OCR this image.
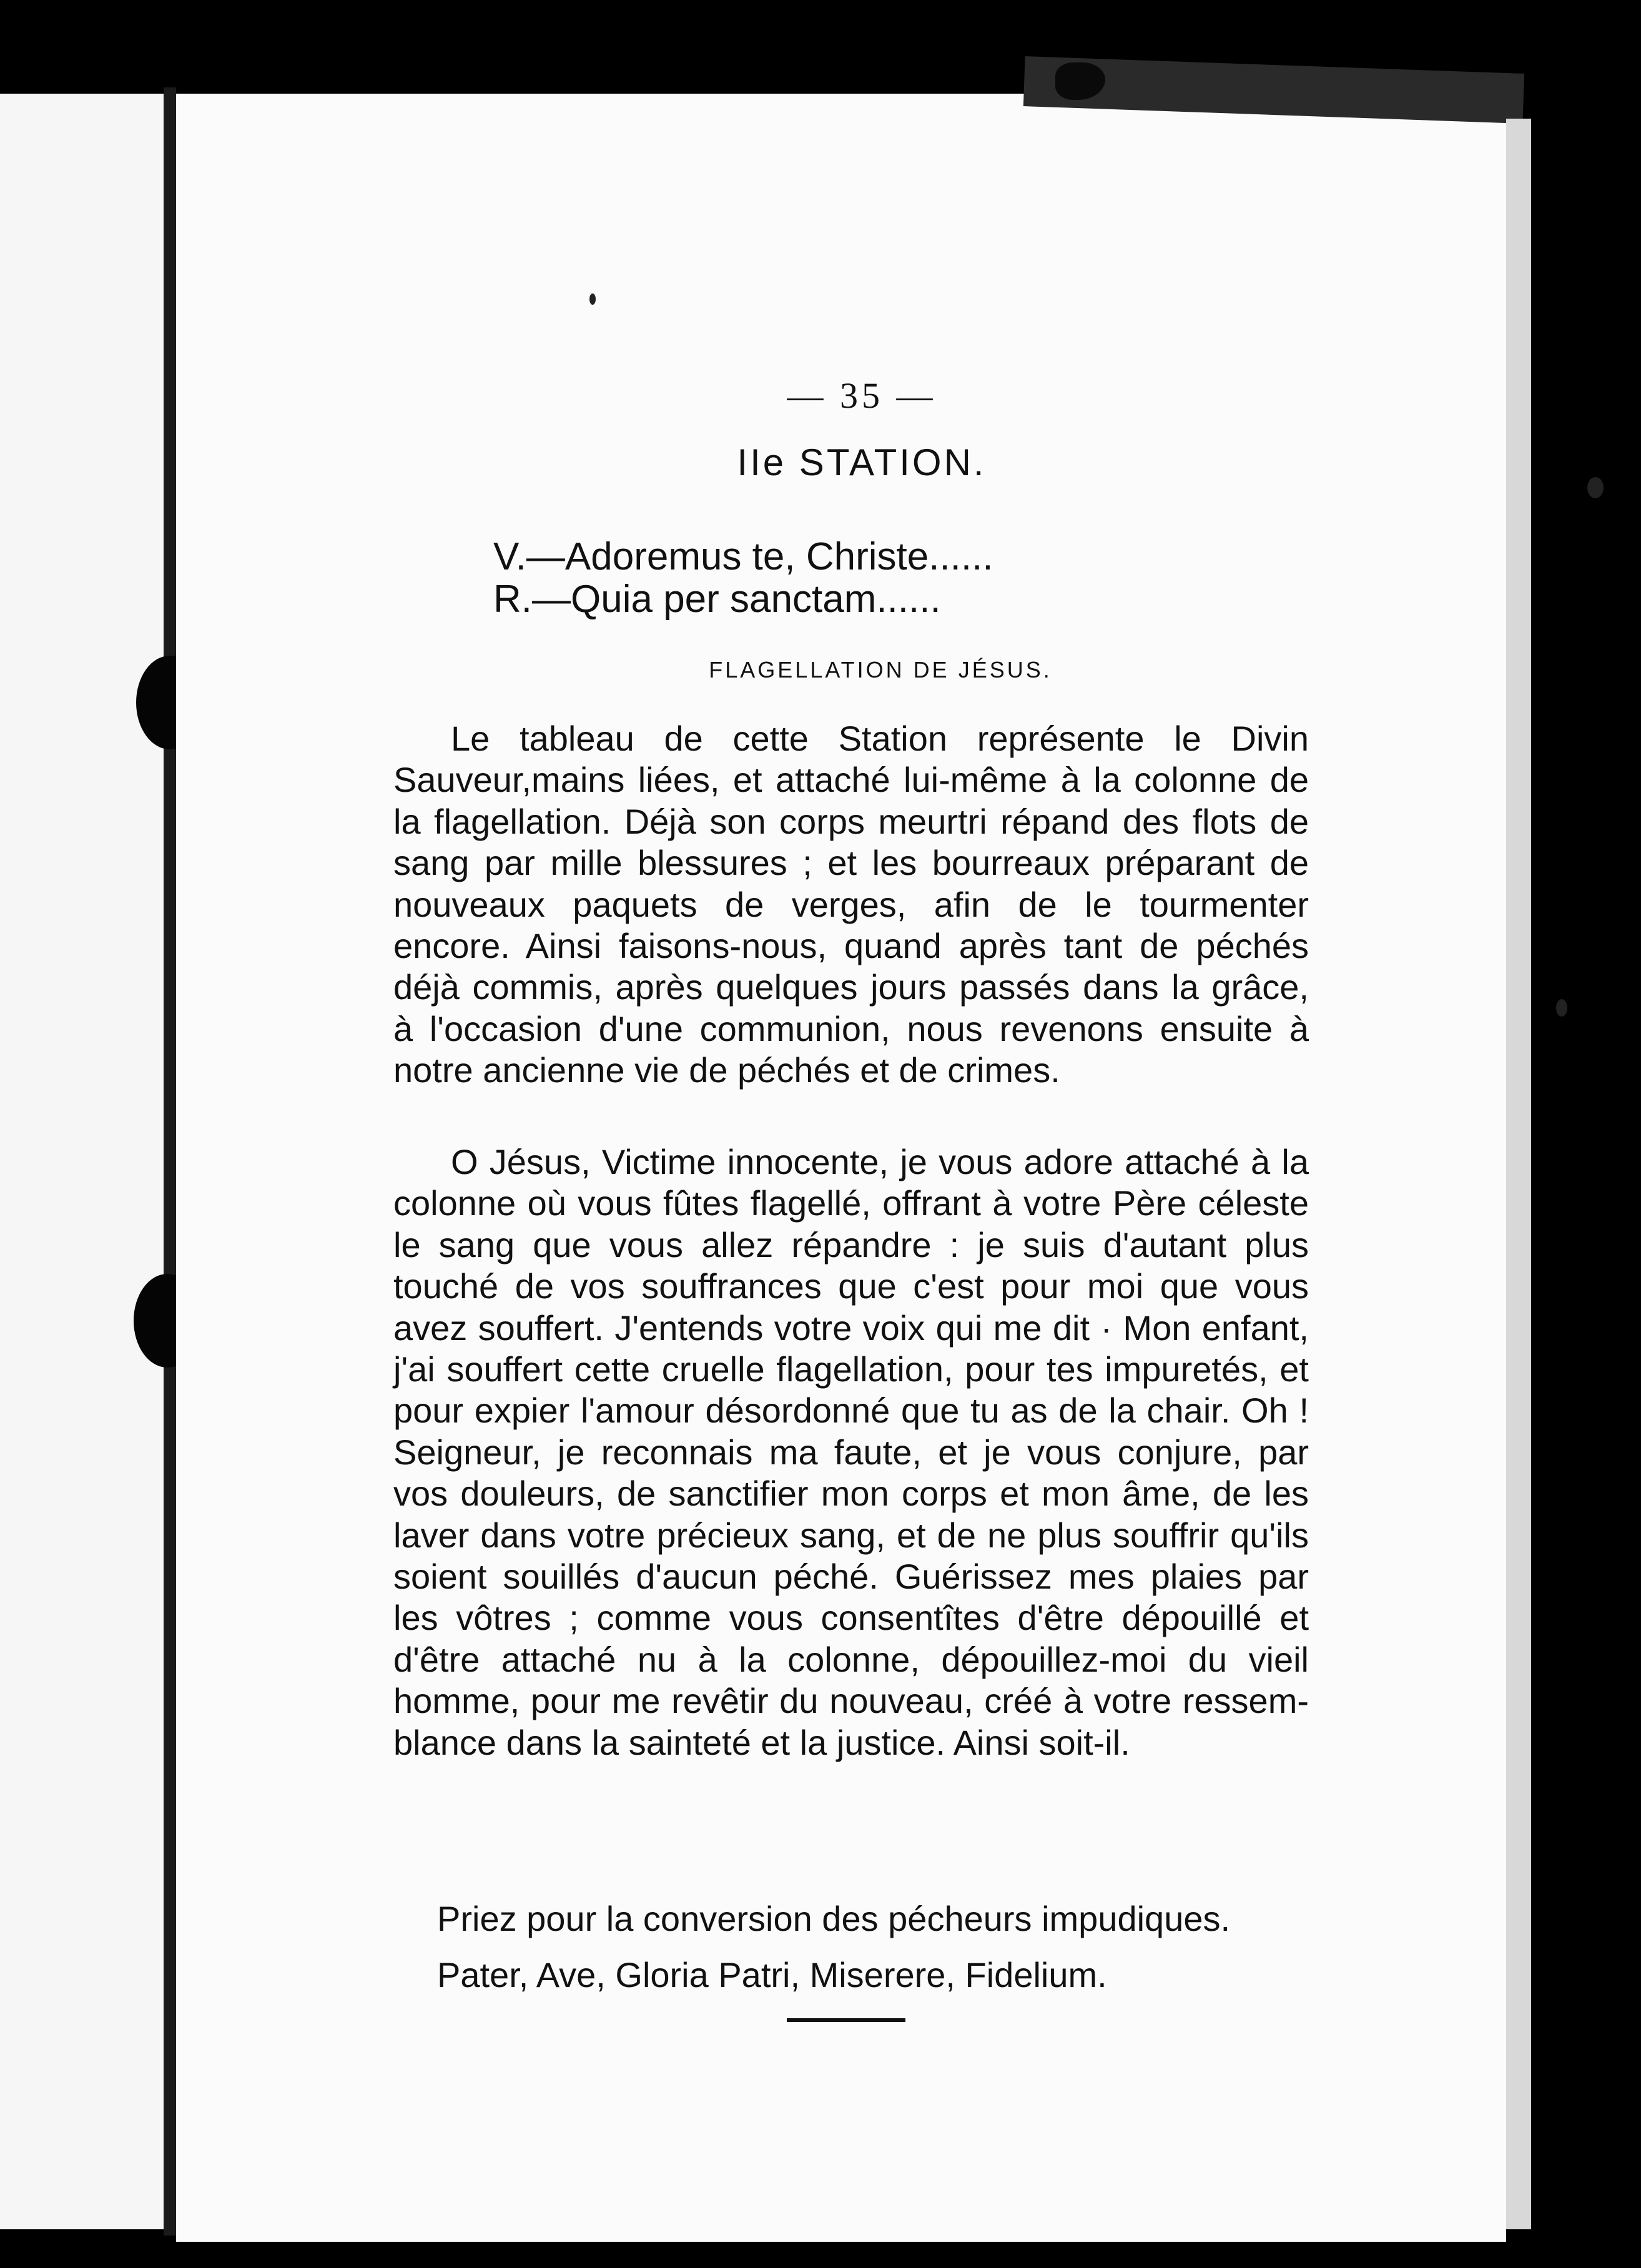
— 35 —
IIe STATION.
V.—Adoremus te, Christe......
R.—Quia per sanctam......
FLAGELLATION DE JÉSUS.
Le tableau de cette Station représente le Divin Sauveur,mains liées, et attaché lui-même à la colonne de la flagellation. Déjà son corps meurtri répand des flots de sang par mille blessures ; et les bourreaux préparant de nouveaux paquets de verges, afin de le tourmenter encore. Ainsi faisons-nous, quand après tant de péchés déjà commis, après quelques jours passés dans la grâce, à l'occasion d'une communion, nous revenons ensuite à notre ancienne vie de péchés et de crimes.
O Jésus, Victime innocente, je vous adore attaché à la colonne où vous fûtes flagellé, offrant à votre Père céleste le sang que vous allez répandre : je suis d'autant plus touché de vos souffrances que c'est pour moi que vous avez souffert. J'entends votre voix qui me dit · Mon enfant, j'ai souffert cette cruelle flagellation, pour tes impuretés, et pour expier l'amour désordonné que tu as de la chair. Oh ! Seigneur, je reconnais ma faute, et je vous conjure, par vos douleurs, de sanctifier mon corps et mon âme, de les laver dans votre précieux sang, et de ne plus souffrir qu'ils soient souillés d'aucun péché. Guérissez mes plaies par les vôtres ; comme vous consentîtes d'être dépouillé et d'être attaché nu à la colonne, dépouillez-moi du vieil homme, pour me revêtir du nouveau, créé à votre ressemblance dans la sainteté et la justice. Ainsi soit-il.
Priez pour la conversion des pécheurs impudiques.
Pater, Ave, Gloria Patri, Miserere, Fidelium.
